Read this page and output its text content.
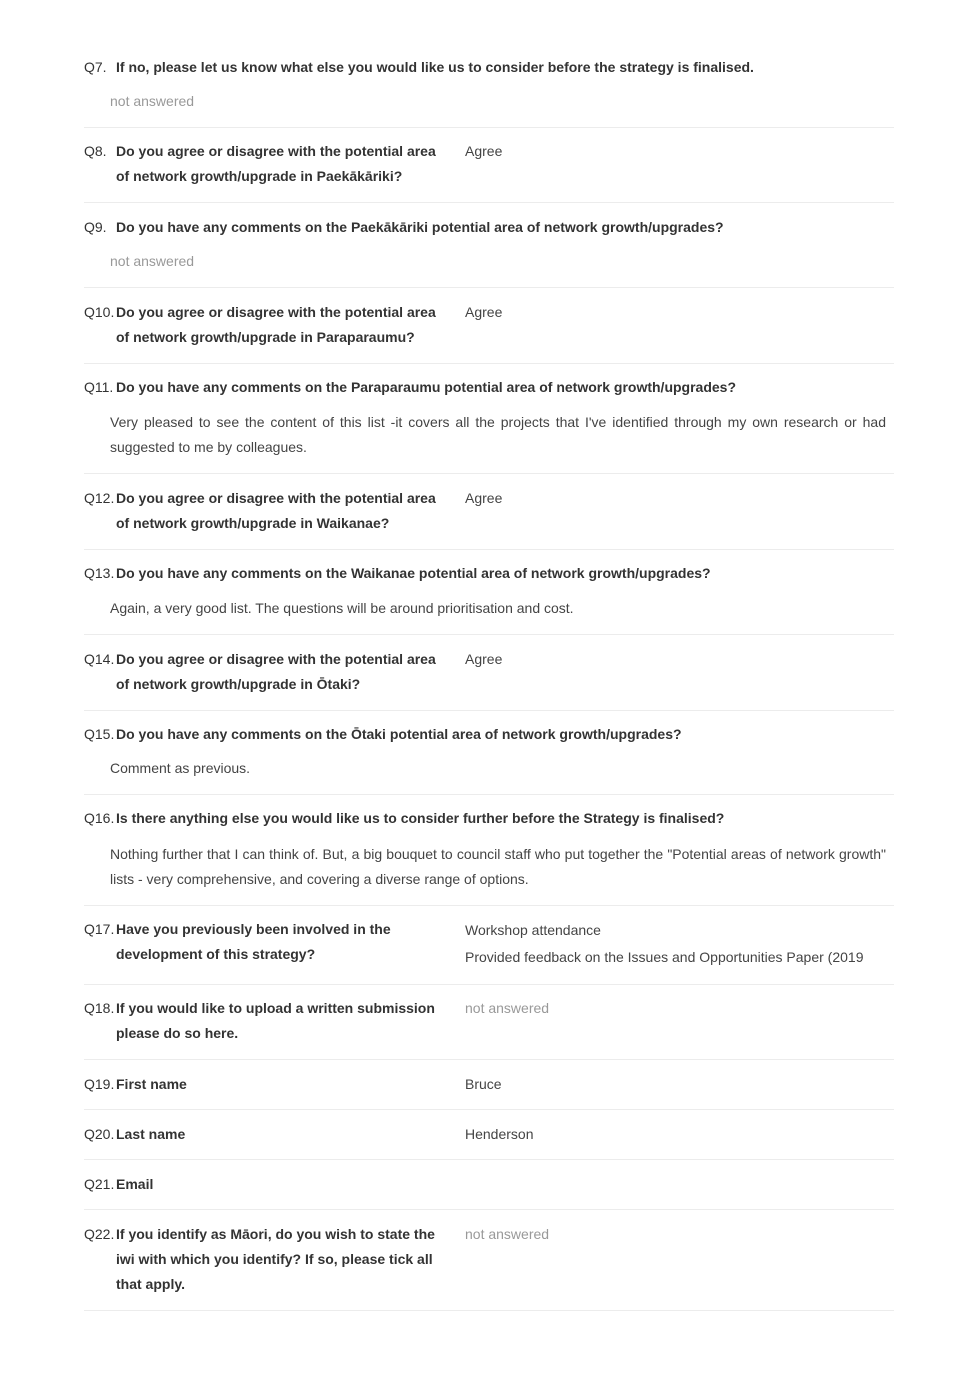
Q7. If no, please let us know what else you would like us to consider before the strategy is finalised.
not answered
Q8. Do you agree or disagree with the potential area
of network growth/upgrade in Paekākāriki?
Agree
Q9. Do you have any comments on the Paekākāriki potential area of network growth/upgrades?
not answered
Q10. Do you agree or disagree with the potential area
of network growth/upgrade in Paraparaumu?
Agree
Q11. Do you have any comments on the Paraparaumu potential area of network growth/upgrades?
Very pleased to see the content of this list -it covers all the projects that I've identified through my own research or had suggested to me by colleagues.
Q12. Do you agree or disagree with the potential area
of network growth/upgrade in Waikanae?
Agree
Q13. Do you have any comments on the Waikanae potential area of network growth/upgrades?
Again, a very good list. The questions will be around prioritisation and cost.
Q14. Do you agree or disagree with the potential area
of network growth/upgrade in Ōtaki?
Agree
Q15. Do you have any comments on the Ōtaki potential area of network growth/upgrades?
Comment as previous.
Q16. Is there anything else you would like us to consider further before the Strategy is finalised?
Nothing further that I can think of. But, a big bouquet to council staff who put together the "Potential areas of network growth" lists - very comprehensive, and covering a diverse range of options.
Q17. Have you previously been involved in the
development of this strategy?
Workshop attendance
Provided feedback on the Issues and Opportunities Paper (2019
Q18. If you would like to upload a written submission
please do so here.
not answered
Q19. First name	Bruce
Q20. Last name	Henderson
Q21. Email
Q22. If you identify as Māori, do you wish to state the
iwi with which you identify? If so, please tick all
that apply.
not answered
